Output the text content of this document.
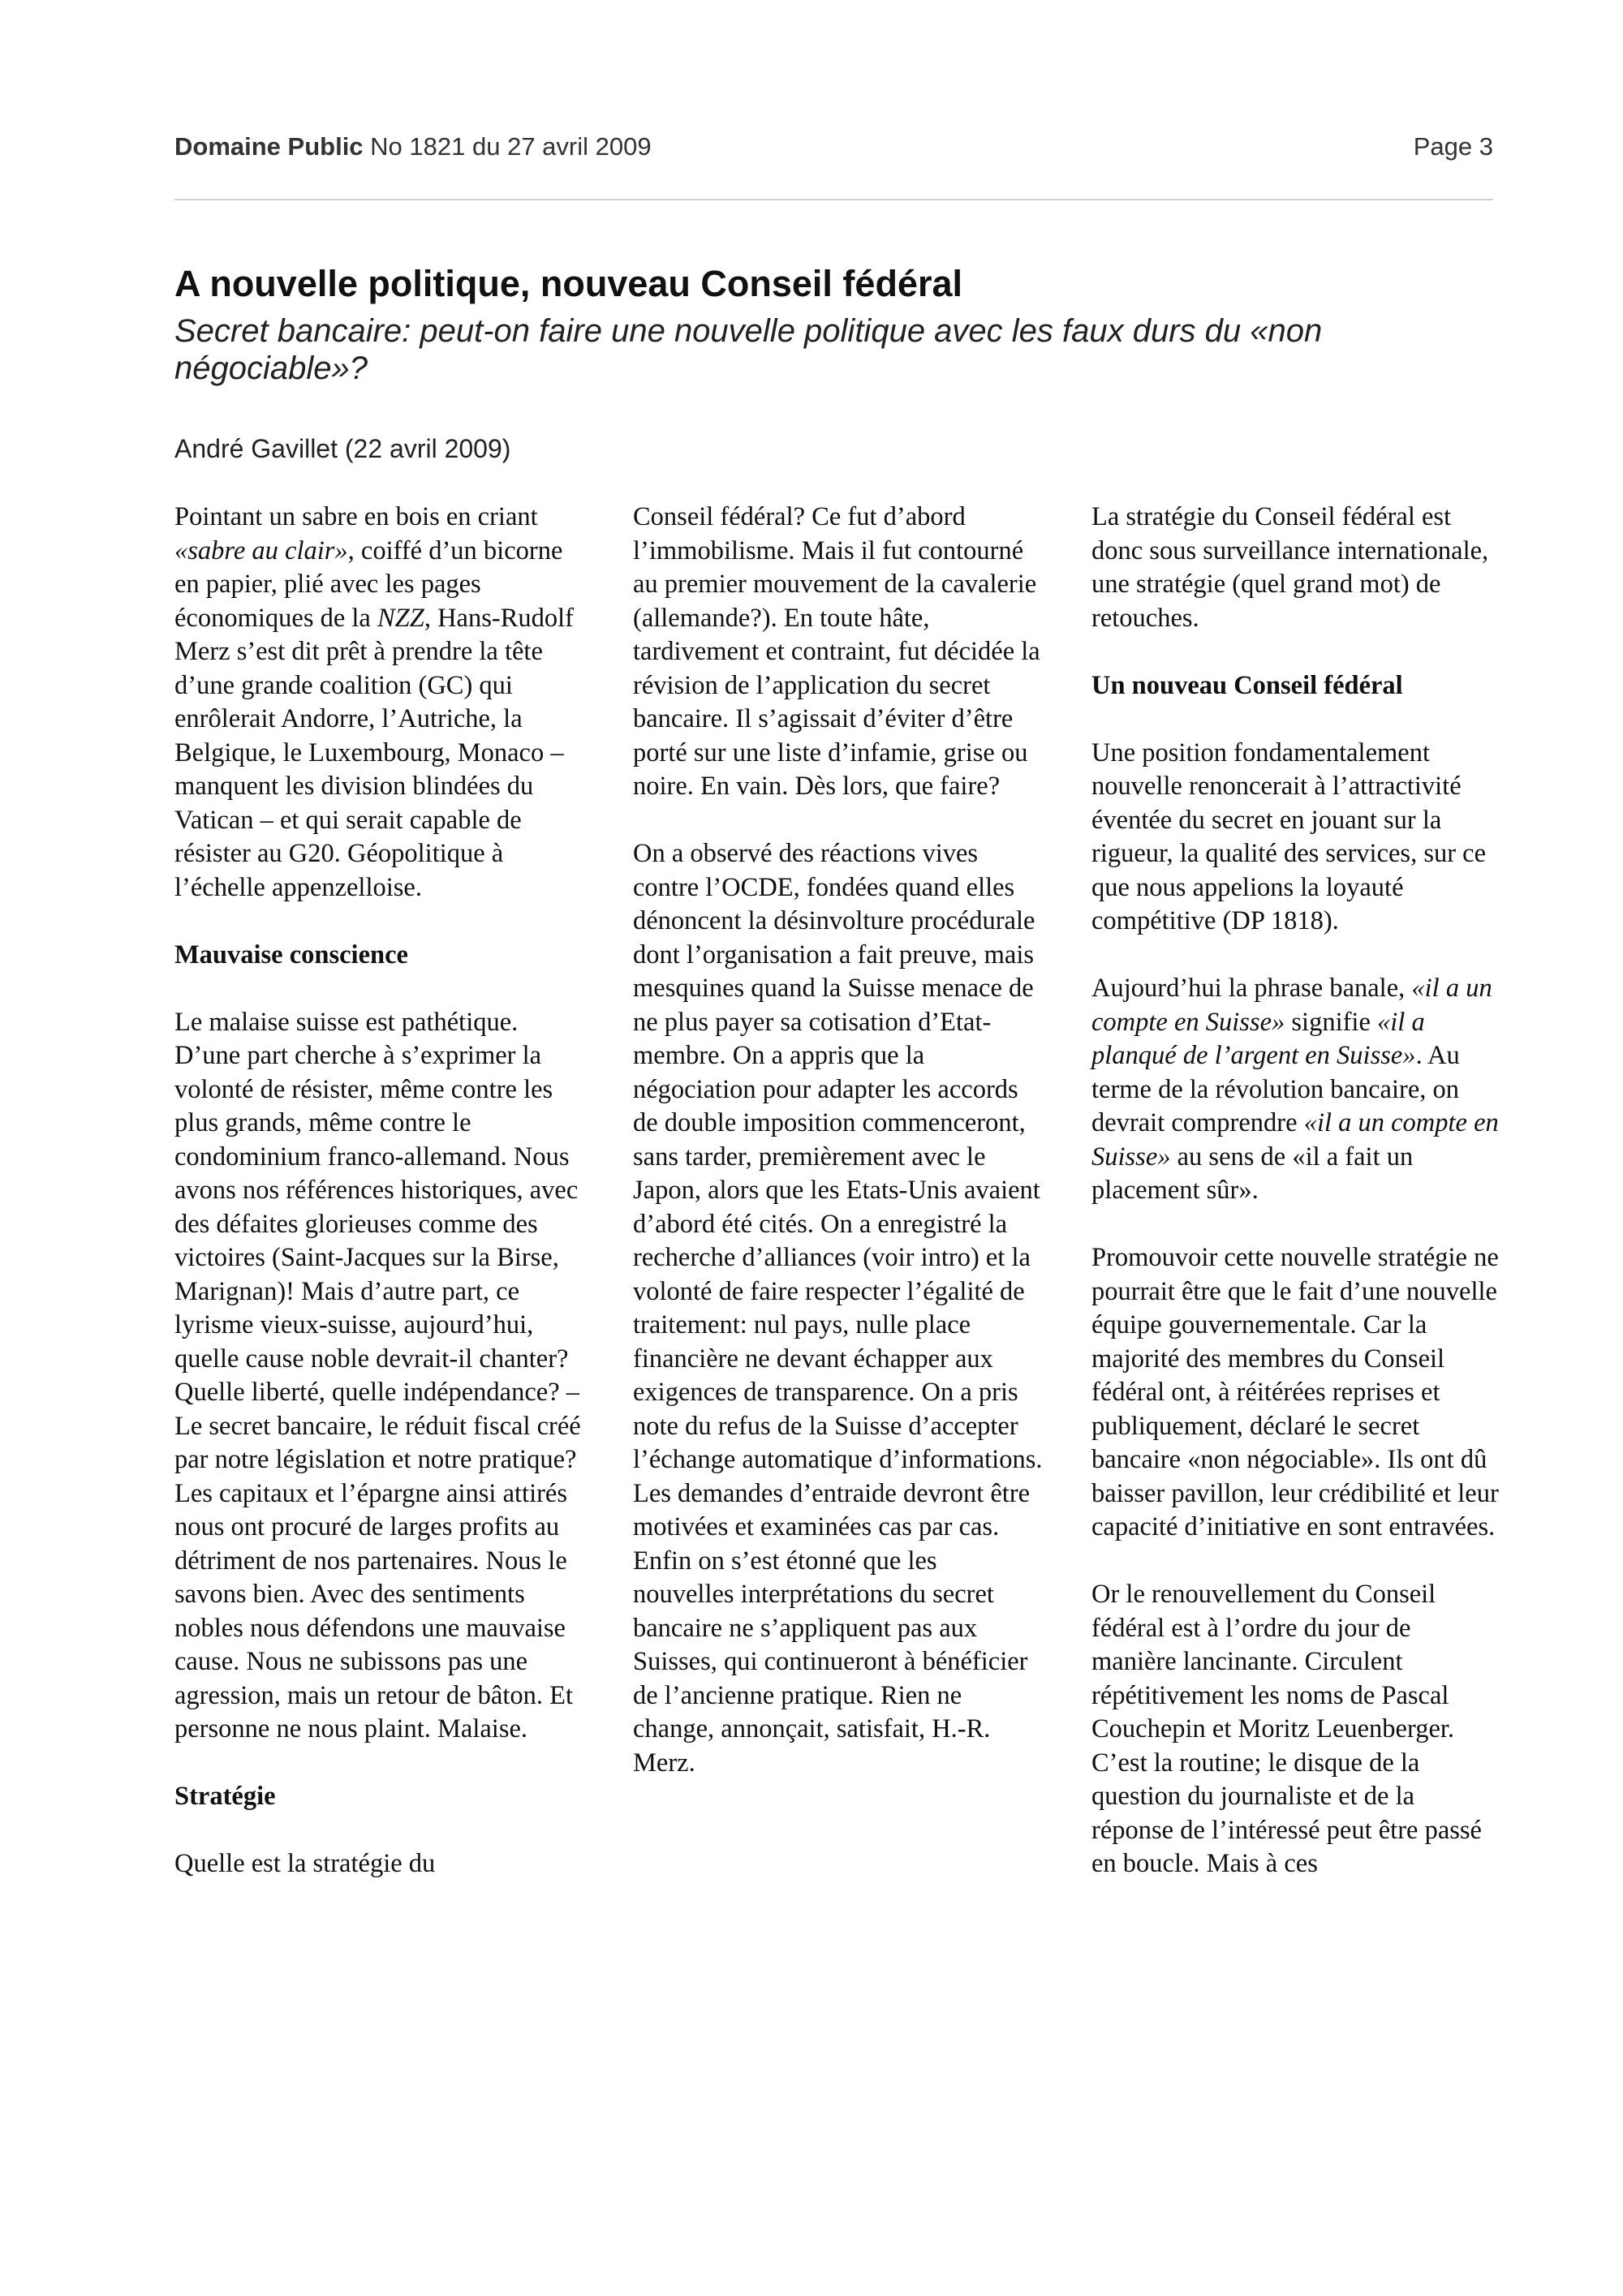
Domaine Public No 1821 du 27 avril 2009	Page 3
A nouvelle politique, nouveau Conseil fédéral

Secret bancaire: peut-on faire une nouvelle politique avec les faux durs du «non négociable»?

André Gavillet (22 avril 2009)

Pointant un sabre en bois en criant «sabre au clair», coiffé d’un bicorne en papier, plié avec les pages économiques de la NZZ, Hans-Rudolf Merz s’est dit prêt à prendre la tête d’une grande coalition (GC) qui enrôlerait Andorre, l’Autriche, la Belgique, le Luxembourg, Monaco – manquent les division blindées du Vatican – et qui serait capable de résister au G20. Géopolitique à l’échelle appenzelloise.

Mauvaise conscience

Le malaise suisse est pathétique. D’une part cherche à s’exprimer la volonté de résister, même contre les plus grands, même contre le condominium franco-allemand. Nous avons nos références historiques, avec des défaites glorieuses comme des victoires (Saint-Jacques sur la Birse, Marignan)! Mais d’autre part, ce lyrisme vieux-suisse, aujourd’hui, quelle cause noble devrait-il chanter? Quelle liberté, quelle indépendance? – Le secret bancaire, le réduit fiscal créé par notre législation et notre pratique? Les capitaux et l’épargne ainsi attirés nous ont procuré de larges profits au détriment de nos partenaires. Nous le savons bien. Avec des sentiments nobles nous défendons une mauvaise cause. Nous ne subissons pas une agression, mais un retour de bâton. Et personne ne nous plaint. Malaise.

Stratégie

Quelle est la stratégie du

Conseil fédéral? Ce fut d’abord l’immobilisme. Mais il fut contourné au premier mouvement de la cavalerie (allemande?). En toute hâte, tardivement et contraint, fut décidée la révision de l’application du secret bancaire. Il s’agissait d’éviter d’être porté sur une liste d’infamie, grise ou noire. En vain. Dès lors, que faire?

On a observé des réactions vives contre l’OCDE, fondées quand elles dénoncent la désinvolture procédurale dont l’organisation a fait preuve, mais mesquines quand la Suisse menace de ne plus payer sa cotisation d’Etat-membre. On a appris que la négociation pour adapter les accords de double imposition commenceront, sans tarder, premièrement avec le Japon, alors que les Etats-Unis avaient d’abord été cités. On a enregistré la recherche d’alliances (voir intro) et la volonté de faire respecter l’égalité de traitement: nul pays, nulle place financière ne devant échapper aux exigences de transparence. On a pris note du refus de la Suisse d’accepter l’échange automatique d’informations. Les demandes d’entraide devront être motivées et examinées cas par cas. Enfin on s’est étonné que les nouvelles interprétations du secret bancaire ne s’appliquent pas aux Suisses, qui continueront à bénéficier de l’ancienne pratique. Rien ne change, annonçait, satisfait, H.-R. Merz.

La stratégie du Conseil fédéral est donc sous surveillance internationale, une stratégie (quel grand mot) de retouches.

Un nouveau Conseil fédéral

Une position fondamentalement nouvelle renoncerait à l’attractivité éventée du secret en jouant sur la rigueur, la qualité des services, sur ce que nous appelions la loyauté compétitive (DP 1818).

Aujourd’hui la phrase banale, «il a un compte en Suisse» signifie «il a planqué de l’argent en Suisse». Au terme de la révolution bancaire, on devrait comprendre «il a un compte en Suisse» au sens de «il a fait un placement sûr».

Promouvoir cette nouvelle stratégie ne pourrait être que le fait d’une nouvelle équipe gouvernementale. Car la majorité des membres du Conseil fédéral ont, à réitérées reprises et publiquement, déclaré le secret bancaire «non négociable». Ils ont dû baisser pavillon, leur crédibilité et leur capacité d’initiative en sont entravées.

Or le renouvellement du Conseil fédéral est à l’ordre du jour de manière lancinante. Circulent répétitivement les noms de Pascal Couchepin et Moritz Leuenberger. C’est la routine; le disque de la question du journaliste et de la réponse de l’intéressé peut être passé en boucle. Mais à ces
